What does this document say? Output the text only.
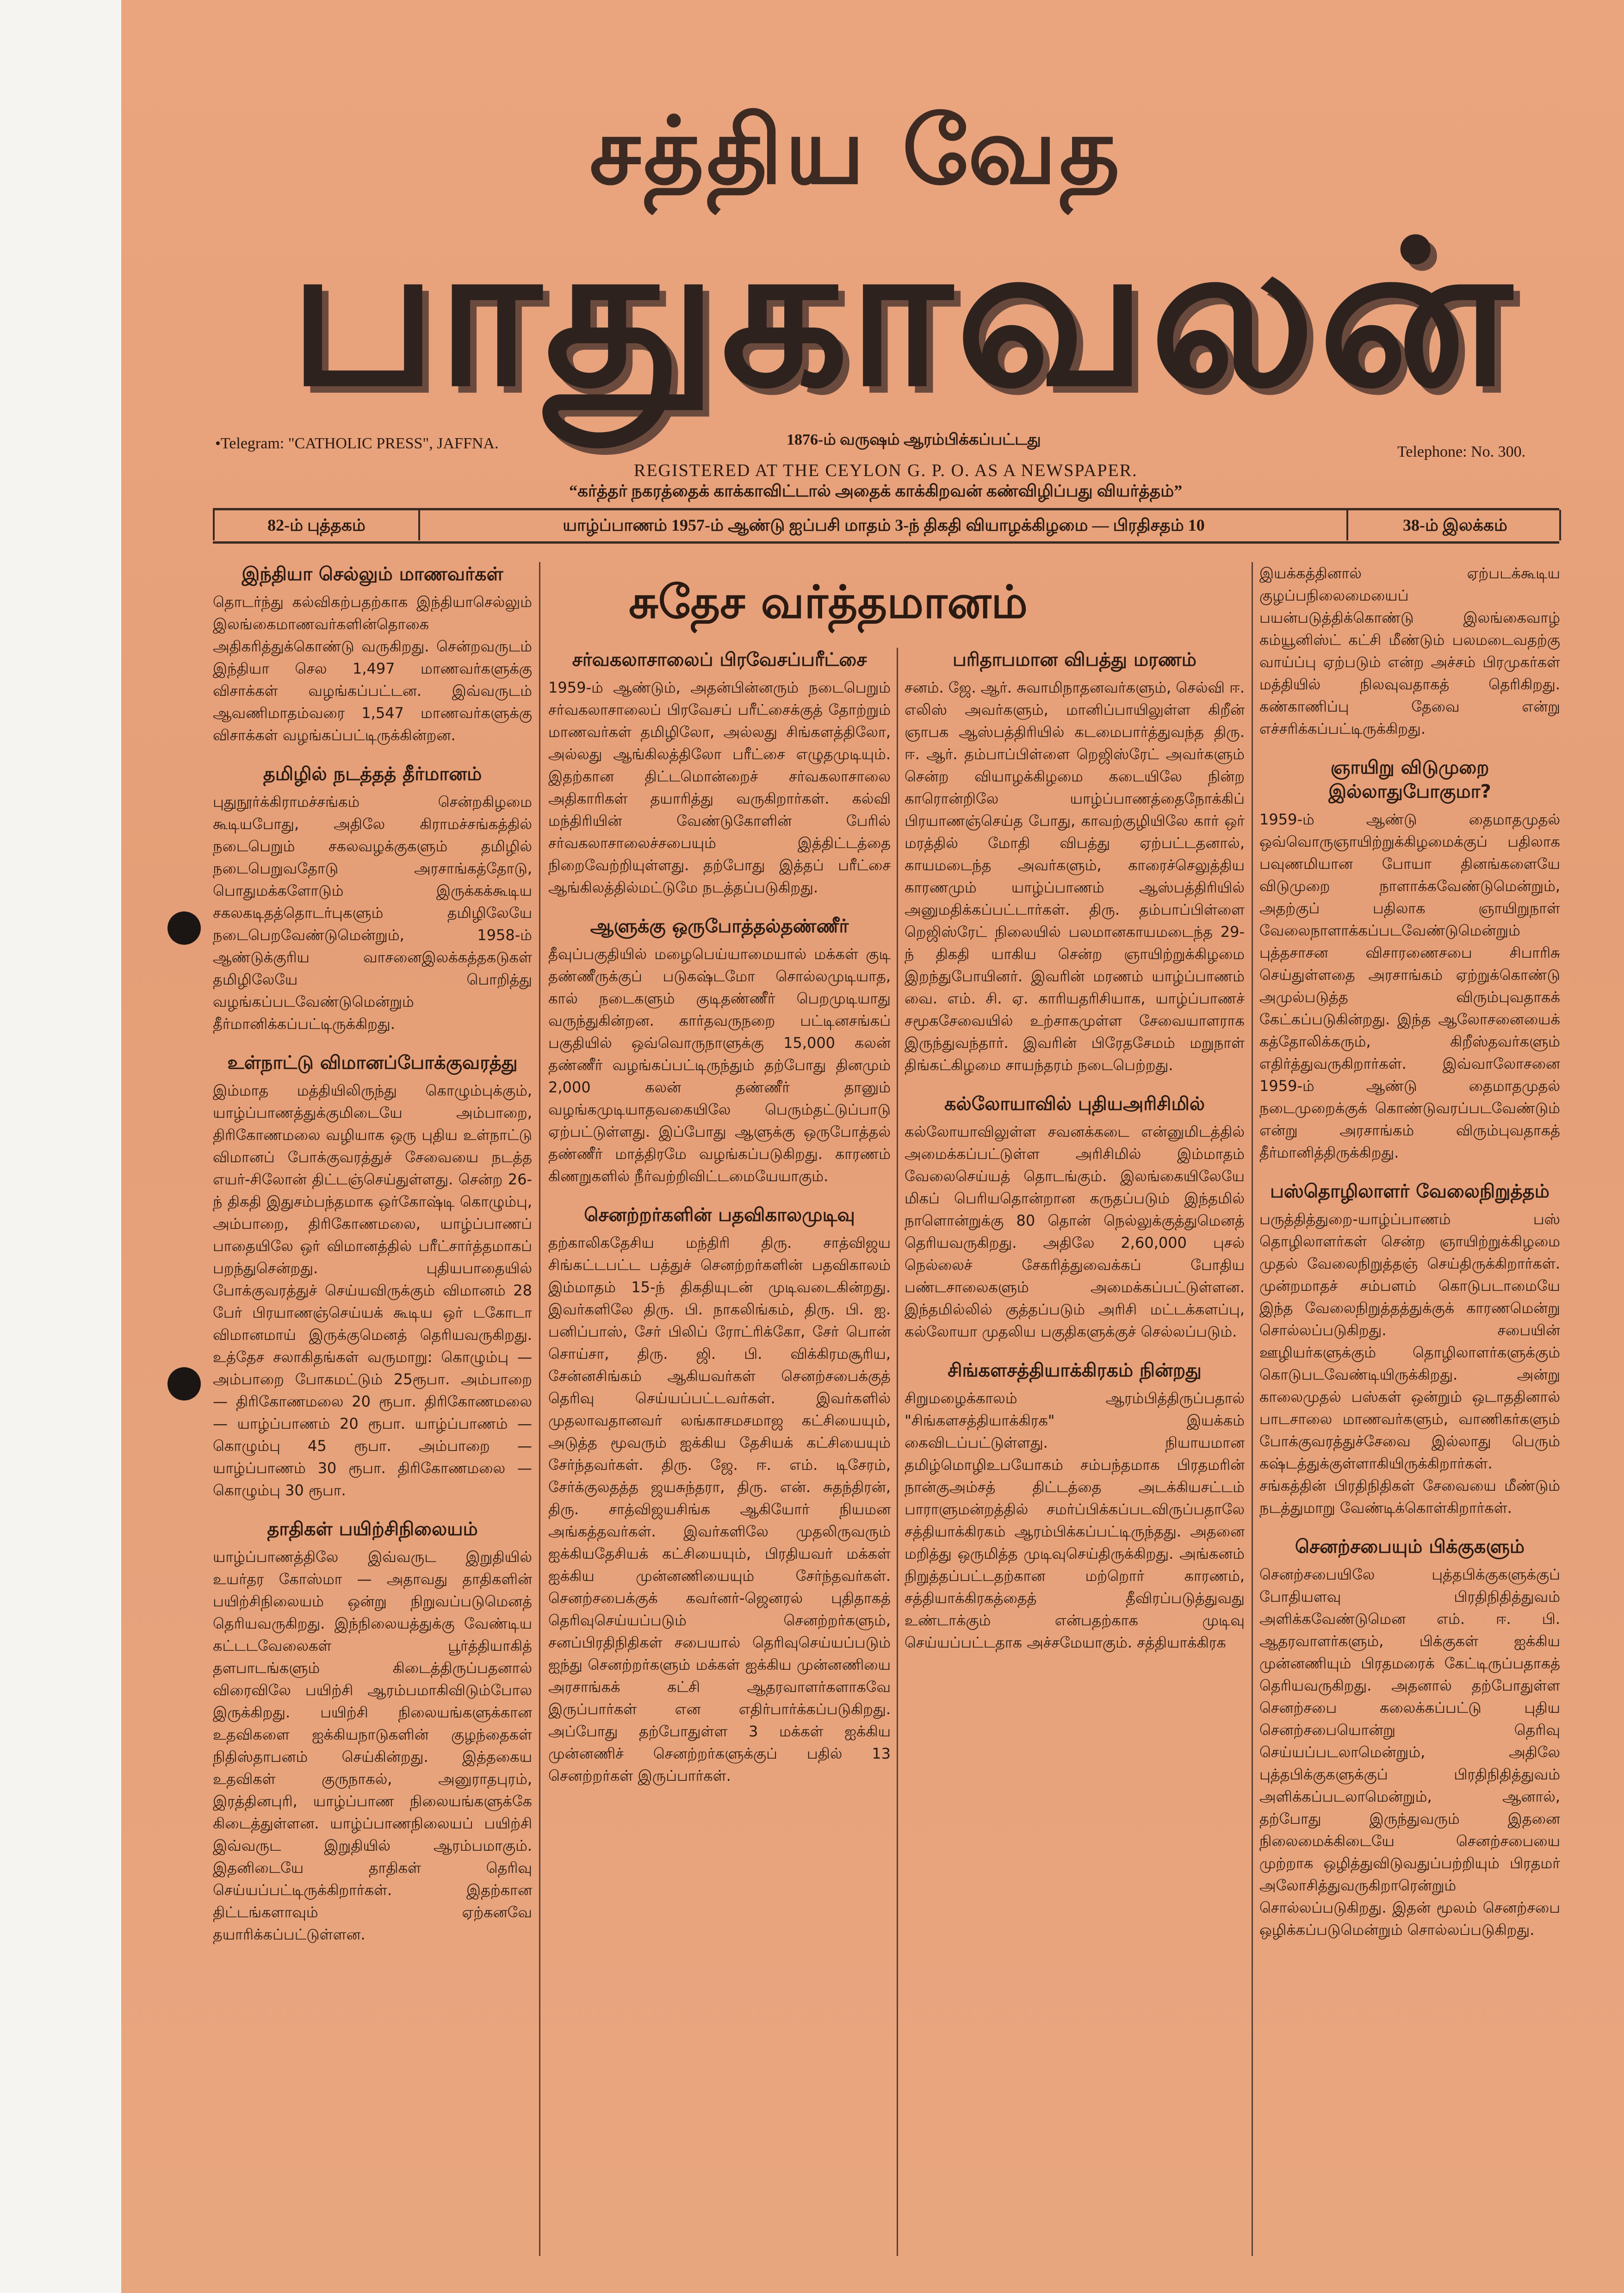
சத்திய வேத
பாதுகாவலன்
•Telegram: "CATHOLIC PRESS", JAFFNA.	1876-ம் வருஷம் ஆரம்பிக்கப்பட்டது
Telephone: No. 300.
REGISTERED AT THE CEYLON G. P. O. AS A NEWSPAPER.
“கர்த்தர் நகரத்தைக் காக்காவிட்டால் அதைக் காக்கிறவன் கண்விழிப்பது வியர்த்தம்”
82-ம் புத்தகம்	யாழ்ப்பாணம் 1957-ம் ஆண்டு ஐப்பசி மாதம் 3-ந் திகதி வியாழக்கிழமை — பிரதிசதம் 10	38-ம் இலக்கம்
சுதேச வர்த்தமானம்
இந்தியா செல்லும் மாணவர்கள்

தொடர்ந்து கல்விகற்பதற்காக இந்தியாசெல்லும் இலங்கைமாணவர்களின்தொகை அதிகரித்துக்கொண்டு வருகிறது. சென்றவருடம் இந்தியா செல 1,497 மாணவர்களுக்கு விசாக்கள் வழங்கப்பட்டன. இவ்வருடம் ஆவணிமாதம்வரை 1,547 மாணவர்களுக்கு விசாக்கள் வழங்கப்பட்டிருக்கின்றன.

தமிழில் நடத்தத் தீர்மானம்

புதுநூர்க்கிராமச்சங்கம் சென்றகிழமை கூடியபோது, அதிலே கிராமச்சங்கத்தில் நடைபெறும் சகலவழக்குகளும் தமிழில் நடைபெறுவதோடு அரசாங்கத்தோடு, பொதுமக்களோடும் இருக்கக்கூடிய சகலகடிதத்தொடர்புகளும் தமிழிலேயே நடைபெறவேண்டுமென்றும், 1958-ம் ஆண்டுக்குரிய வாசனைஇலக்கத்தகடுகள் தமிழிலேயே பொறித்து வழங்கப்படவேண்டுமென்றும் தீர்மானிக்கப்பட்டிருக்கிறது.

உள்நாட்டு விமானப்போக்குவரத்து

இம்மாத மத்தியிலிருந்து கொழும்புக்கும், யாழ்ப்பாணத்துக்குமிடையே அம்பாறை, திரிகோணமலை வழியாக ஒரு புதிய உள்நாட்டு விமானப் போக்குவரத்துச் சேவையை நடத்த எயர்-சிலோன் திட்டஞ்செய்துள்ளது. சென்ற 26-ந் திகதி இதுசம்பந்தமாக ஒர்கோஷ்டி கொழும்பு, அம்பாறை, திரிகோணமலை, யாழ்ப்பாணப் பாதையிலே ஒர் விமானத்தில் பரீட்சார்த்தமாகப் பறந்துசென்றது. புதியபாதையில் போக்குவரத்துச் செய்யவிருக்கும் விமானம் 28 பேர் பிரயாணஞ்செய்யக் கூடிய ஒர் டகோடா விமானமாய் இருக்குமெனத் தெரியவருகிறது. உத்தேச சலாகிதங்கள் வருமாறு: கொழும்பு — அம்பாறை போகமட்டும் 25ரூபா. அம்பாறை — திரிகோணமலை 20 ரூபா. திரிகோணமலை — யாழ்ப்பாணம் 20 ரூபா. யாழ்ப்பாணம் — கொழும்பு 45 ரூபா. அம்பாறை — யாழ்ப்பாணம் 30 ரூபா. திரிகோணமலை — கொழும்பு 30 ரூபா.

தாதிகள் பயிற்சிநிலையம்

யாழ்ப்பாணத்திலே இவ்வருட இறுதியில் உயர்தர கோஸ்மா — அதாவது தாதிகளின் பயிற்சிநிலையம் ஒன்று நிறுவப்படுமெனத் தெரியவருகிறது. இந்நிலையத்துக்கு வேண்டிய கட்டடவேலைகள் பூர்த்தியாகித் தளபாடங்களும் கிடைத்திருப்பதனால் விரைவிலே பயிற்சி ஆரம்பமாகிவிடும்போல இருக்கிறது. பயிற்சி நிலையங்களுக்கான உதவிகளை ஐக்கியநாடுகளின் குழந்தைகள் நிதிஸ்தாபனம் செய்கின்றது. இத்தகைய உதவிகள் குருநாகல், அனுராதபுரம், இரத்தினபுரி, யாழ்ப்பாண நிலையங்களுக்கே கிடைத்துள்ளன. யாழ்ப்பாணநிலையப் பயிற்சி இவ்வருட இறுதியில் ஆரம்பமாகும். இதனிடையே தாதிகள் தெரிவு செய்யப்பட்டிருக்கிறார்கள். இதற்கான திட்டங்களாவும் ஏற்கனவே தயாரிக்கப்பட்டுள்ளன.

சர்வகலாசாலைப் பிரவேசப்பரீட்சை

1959-ம் ஆண்டும், அதன்பின்னரும் நடைபெறும் சர்வகலாசாலைப் பிரவேசப் பரீட்சைக்குத் தோற்றும் மாணவர்கள் தமிழிலோ, அல்லது சிங்களத்திலோ, அல்லது ஆங்கிலத்திலோ பரீட்சை எழுதமுடியும். இதற்கான திட்டமொன்றைச் சர்வகலாசாலை அதிகாரிகள் தயாரித்து வருகிறார்கள். கல்வி மந்திரியின் வேண்டுகோளின் பேரில் சர்வகலாசாலைச்சபையும் இத்திட்டத்தை நிறைவேற்றியுள்ளது. தற்போது இத்தப் பரீட்சை ஆங்கிலத்தில்மட்டுமே நடத்தப்படுகிறது.

ஆளுக்கு ஒருபோத்தல்தண்ணீர்

தீவுப்பகுதியில் மழைபெய்யாமையால் மக்கள் குடி தண்ணீருக்குப் படுகஷ்டமோ சொல்லமுடியாத, கால் நடைகளும் குடிதண்ணீர் பெறமுடியாது வருந்துகின்றன. கார்தவருநறை பட்டினசங்கப் பகுதியில் ஒவ்வொருநாளுக்கு 15,000 கலன் தண்ணீர் வழங்கப்பட்டிருந்தும் தற்போது தினமும் 2,000 கலன் தண்ணீர் தானும் வழங்கமுடியாதவகையிலே பெரும்தட்டுப்பாடு ஏற்பட்டுள்ளது. இப்போது ஆளுக்கு ஒருபோத்தல் தண்ணீர் மாத்திரமே வழங்கப்படுகிறது. காரணம் கிணறுகளில் நீர்வற்றிவிட்டமையேயாகும்.

செனற்றர்களின் பதவிகாலமுடிவு

தற்காலிகதேசிய மந்திரி திரு. சாத்விஜய சிங்கட்டபட்ட பத்துச் செனற்றர்களின் பதவிகாலம் இம்மாதம் 15-ந் திகதியுடன் முடிவடைகின்றது. இவர்களிலே திரு. பி. நாகலிங்கம், திரு. பி. ஐ. பனிப்பாஸ், சேர் பிலிப் ரோட்ரிக்கோ, சேர் பொன் சொய்சா, திரு. ஜி. பி. விக்கிரமசூரிய, சேன்னசிங்கம் ஆகியவர்கள் செனற்சபைக்குத் தெரிவு செய்யப்பட்டவர்கள். இவர்களில் முதலாவதானவர் லங்காசமசமாஜ கட்சியையும், அடுத்த மூவரும் ஐக்கிய தேசியக் கட்சியையும் சேர்ந்தவர்கள். திரு. ஜே. ஈ. எம். டிசேரம், சேர்க்குலதத்த ஜயசுந்தரா, திரு. என். சுதந்திரன், திரு. சாத்விஜயசிங்க ஆகியோர் நியமன அங்கத்தவர்கள். இவர்களிலே முதலிருவரும் ஐக்கியதேசியக் கட்சியையும், பிரதியவர் மக்கள் ஐக்கிய முன்னணியையும் சேர்ந்தவர்கள். செனற்சபைக்குக் கவர்னர்-ஜெனரல் புதிதாகத் தெரிவுசெய்யப்படும் செனற்றர்களும், சனப்பிரதிநிதிகள் சபையால் தெரிவுசெய்யப்படும் ஐந்து செனற்றர்களும் மக்கள் ஐக்கிய முன்னணியை அரசாங்கக் கட்சி ஆதரவாளர்களாகவே இருப்பார்கள் என எதிர்பார்க்கப்படுகிறது. அப்போது தற்போதுள்ள 3 மக்கள் ஐக்கிய முன்னணிச் செனற்றர்களுக்குப் பதில் 13 செனற்றர்கள் இருப்பார்கள்.

பரிதாபமான விபத்து மரணம்

சனம். ஜே. ஆர். சுவாமிநாதனவர்களும், செல்வி ஈ. எலிஸ் அவர்களும், மானிப்பாயிலுள்ள கிறீன் ஞாபக ஆஸ்பத்திரியில் கடமைபார்த்துவந்த திரு. ஈ. ஆர். தம்பாப்பிள்ளை றெஜிஸ்ரேட் அவர்களும் சென்ற வியாழக்கிழமை கடையிலே நின்ற காரொன்றிலே யாழ்ப்பாணத்தைநோக்கிப் பிரயாணஞ்செய்த போது, காவற்குழியிலே கார் ஒர் மரத்தில் மோதி விபத்து ஏற்பட்டதனால், காயமடைந்த அவர்களும், காரைச்செலுத்திய காரணமும் யாழ்ப்பாணம் ஆஸ்பத்திரியில் அனுமதிக்கப்பட்டார்கள். திரு. தம்பாப்பிள்ளை றெஜிஸ்ரேட் நிலையில் பலமானகாயமடைந்த 29-ந் திகதி யாகிய சென்ற ஞாயிற்றுக்கிழமை இறந்துபோயினர். இவரின் மரணம் யாழ்ப்பாணம் வை. எம். சி. ஏ. காரியதரிசியாக, யாழ்ப்பாணச் சமூகசேவையில் உற்சாகமுள்ள சேவையாளராக இருந்துவந்தார். இவரின் பிரேதசேமம் மறுநாள் திங்கட்கிழமை சாயந்தரம் நடைபெற்றது.

கல்லோயாவில் புதியஅரிசிமில்

கல்லோயாவிலுள்ள சவனக்கடை என்னுமிடத்தில் அமைக்கப்பட்டுள்ள அரிசிமில் இம்மாதம் வேலைசெய்யத் தொடங்கும். இலங்கையிலேயே மிகப் பெரியதொன்றான கருதப்படும் இந்தமில் நாளொன்றுக்கு 80 தொன் நெல்லுக்குத்துமெனத் தெரியவருகிறது. அதிலே 2,60,000 புசல் நெல்லைச் சேகரித்துவைக்கப் போதிய பண்டசாலைகளும் அமைக்கப்பட்டுள்ளன. இந்தமில்லில் குத்தப்படும் அரிசி மட்டக்களப்பு, கல்லோயா முதலிய பகுதிகளுக்குச் செல்லப்படும்.

சிங்களசத்தியாக்கிரகம் நின்றது

சிறுமழைக்காலம் ஆரம்பித்திருப்பதால் "சிங்களசத்தியாக்கிரக" இயக்கம் கைவிடப்பட்டுள்ளது. நியாயமான தமிழ்மொழிஉபயோகம் சம்பந்தமாக பிரதமரின் நான்குஅம்சத் திட்டத்தை அடக்கியசட்டம் பாராளுமன்றத்தில் சமர்ப்பிக்கப்படவிருப்பதாலே சத்தியாக்கிரகம் ஆரம்பிக்கப்பட்டிருந்தது. அதனை மறித்து ஒருமித்த முடிவுசெய்திருக்கிறது. அங்கனம் நிறுத்தப்பட்டதற்கான மற்றொர் காரணம், சத்தியாக்கிரகத்தைத் தீவிரப்படுத்துவது உண்டாக்கும் என்பதற்காக முடிவு செய்யப்பட்டதாக அச்சமேயாகும். சத்தியாக்கிரக

இயக்கத்தினால் ஏற்படக்கூடிய குழப்பநிலைமையைப் பயன்படுத்திக்கொண்டு இலங்கைவாழ் கம்யூனிஸ்ட் கட்சி மீண்டும் பலமடைவதற்கு வாய்ப்பு ஏற்படும் என்ற அச்சம் பிரமுகர்கள் மத்தியில் நிலவுவதாகத் தெரிகிறது. கண்காணிப்பு தேவை என்று எச்சரிக்கப்பட்டிருக்கிறது.

ஞாயிறு விடுமுறை இல்லாதுபோகுமா?

1959-ம் ஆண்டு தைமாதமுதல் ஒவ்வொருஞாயிற்றுக்கிழமைக்குப் பதிலாக பவுணமியான போயா தினங்களையே விடுமுறை நாளாக்கவேண்டுமென்றும், அதற்குப் பதிலாக ஞாயிறுநாள் வேலைநாளாக்கப்படவேண்டுமென்றும் புத்தசாசன விசாரணைசபை சிபாரிசு செய்துள்ளதை அரசாங்கம் ஏற்றுக்கொண்டு அமுல்படுத்த விரும்புவதாகக் கேட்கப்படுகின்றது. இந்த ஆலோசனையைக் கத்தோலிக்கரும், கிறீஸ்தவர்களும் எதிர்த்துவருகிறார்கள். இவ்வாலோசனை 1959-ம் ஆண்டு தைமாதமுதல் நடைமுறைக்குக் கொண்டுவரப்படவேண்டும் என்று அரசாங்கம் விரும்புவதாகத் தீர்மானித்திருக்கிறது.

பஸ்தொழிலாளர் வேலைநிறுத்தம்

பருத்தித்துறை-யாழ்ப்பாணம் பஸ் தொழிலாளர்கள் சென்ற ஞாயிற்றுக்கிழமை முதல் வேலைநிறுத்தஞ் செய்திருக்கிறார்கள். முன்றமாதச் சம்பளம் கொடுபடாமையே இந்த வேலைநிறுத்தத்துக்குக் காரணமென்று சொல்லப்படுகிறது. சபையின் ஊழியர்களுக்கும் தொழிலாளர்களுக்கும் கொடுபடவேண்டியிருக்கிறது. அன்று காலைமுதல் பஸ்கள் ஒன்றும் ஒடாததினால் பாடசாலை மாணவர்களும், வாணிகர்களும் போக்குவரத்துச்சேவை இல்லாது பெரும் கஷ்டத்துக்குள்ளாகியிருக்கிறார்கள். சங்கத்தின் பிரதிநிதிகள் சேவையை மீண்டும் நடத்துமாறு வேண்டிக்கொள்கிறார்கள்.

செனற்சபையும் பிக்குகளும்

செனற்சபையிலே புத்தபிக்குகளுக்குப் போதியளவு பிரதிநிதித்துவம் அளிக்கவேண்டுமென எம். ஈ. பி. ஆதரவாளர்களும், பிக்குகள் ஐக்கிய முன்னணியும் பிரதமரைக் கேட்டிருப்பதாகத் தெரியவருகிறது. அதனால் தற்போதுள்ள செனற்சபை கலைக்கப்பட்டு புதிய செனற்சபையொன்று தெரிவு செய்யப்படலாமென்றும், அதிலே புத்தபிக்குகளுக்குப் பிரதிநிதித்துவம் அளிக்கப்படலாமென்றும், ஆனால், தற்போது இருந்துவரும் இதனை நிலைமைக்கிடையே செனற்சபையை முற்றாக ஒழித்துவிடுவதுப்பற்றியும் பிரதமர் அலோசித்துவருகிறாரென்றும் சொல்லப்படுகிறது. இதன் மூலம் செனற்சபை ஒழிக்கப்படுமென்றும் சொல்லப்படுகிறது.
